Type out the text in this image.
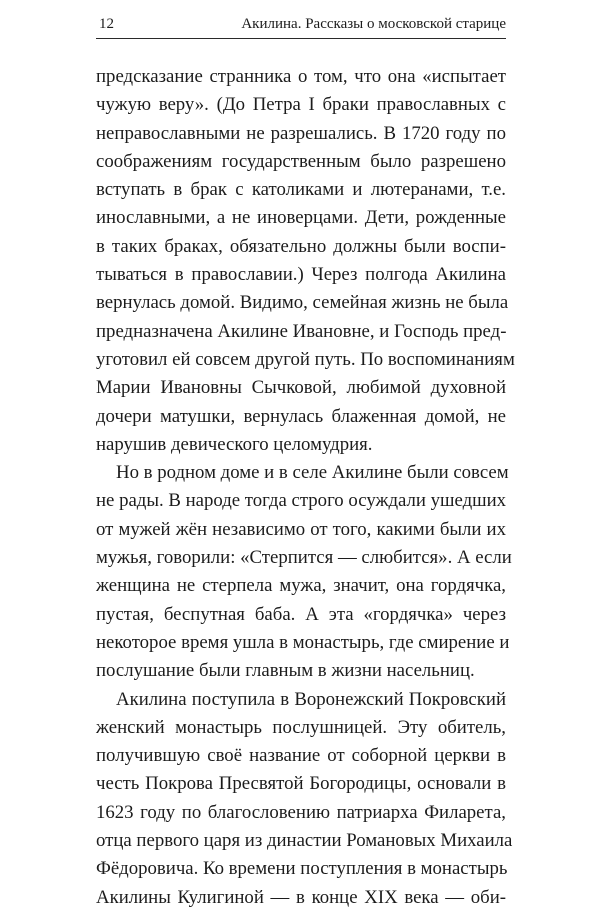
12	Акилина. Рассказы о московской старице
предсказание странника о том, что она «испытает
чужую веру». (До Петра I браки православных с
неправославными не разрешались. В 1720 году по
соображениям государственным было разрешено
вступать в брак с католиками и лютеранами, т.е.
инославными, а не иноверцами. Дети, рожденные
в таких браках, обязательно должны были воспи-
тываться в православии.) Через полгода Акилина
вернулась домой. Видимо, семейная жизнь не была
предназначена Акилине Ивановне, и Господь пред-
уготовил ей совсем другой путь. По воспоминаниям
Марии Ивановны Сычковой, любимой духовной
дочери матушки, вернулась блаженная домой, не
нарушив девического целомудрия.
Но в родном доме и в селе Акилине были совсем
не рады. В народе тогда строго осуждали ушедших
от мужей жён независимо от того, какими были их
мужья, говорили: «Стерпится — слюбится». А если
женщина не стерпела мужа, значит, она гордячка,
пустая, беспутная баба. А эта «гордячка» через
некоторое время ушла в монастырь, где смирение и
послушание были главным в жизни насельниц.
Акилина поступила в Воронежский Покровский
женский монастырь послушницей. Эту обитель,
получившую своё название от соборной церкви в
честь Покрова Пресвятой Богородицы, основали в
1623 году по благословению патриарха Филарета,
отца первого царя из династии Романовых Михаила
Фёдоровича. Ко времени поступления в монастырь
Акилины Кулигиной — в конце XIX века — оби-
